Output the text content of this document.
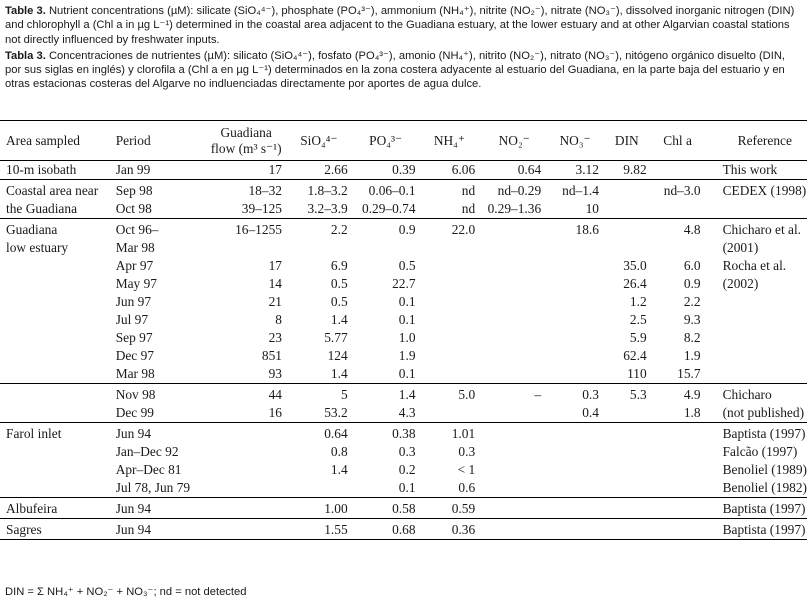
Table 3. Nutrient concentrations (µM): silicate (SiO₄⁴⁻), phosphate (PO₄³⁻), ammonium (NH₄⁺), nitrite (NO₂⁻), nitrate (NO₃⁻), dissolved inorganic nitrogen (DIN) and chlorophyll a (Chl a in µg L⁻¹) determined in the coastal area adjacent to the Guadiana estuary, at the lower estuary and at other Algarvian coastal stations not directly influenced by freshwater inputs.

Tabla 3. Concentraciones de nutrientes (µM): silicato (SiO₄⁴⁻), fosfato (PO₄³⁻), amonio (NH₄⁺), nitrito (NO₂⁻), nitrato (NO₃⁻), nitógeno orgánico disuelto (DIN, por sus siglas en inglés) y clorofila a (Chl a en µg L⁻¹) determinados en la zona costera adyacente al estuario del Guadiana, en la parte baja del estuario y en otras estacionas costeras del Algarve no indluenciadas directamente por aportes de agua dulce.

Area sampled	Period	Guadiana flow (m³ s⁻¹)	SiO₄⁴⁻	PO₄³⁻	NH₄⁺	NO₂⁻	NO₃⁻	DIN	Chl a	Reference
10-m isobath	Jan 99	17	2.66	0.39	6.06	0.64	3.12	9.82		This work
Coastal area near	Sep 98	18–32	1.8–3.2	0.06–0.1	nd	nd–0.29	nd–1.4		nd–3.0	CEDEX (1998)
the Guadiana	Oct 98	39–125	3.2–3.9	0.29–0.74	nd	0.29–1.36	10			
Guadiana	Oct 96–	16–1255	2.2	0.9	22.0		18.6		4.8	Chicharo et al.
low estuary	Mar 98									(2001)
	Apr 97	17	6.9	0.5				35.0	6.0	Rocha et al.
	May 97	14	0.5	22.7				26.4	0.9	(2002)
	Jun 97	21	0.5	0.1				1.2	2.2	
	Jul 97	8	1.4	0.1				2.5	9.3	
	Sep 97	23	5.77	1.0				5.9	8.2	
	Dec 97	851	124	1.9				62.4	1.9	
	Mar 98	93	1.4	0.1				110	15.7	
	Nov 98	44	5	1.4	5.0	–	0.3	5.3	4.9	Chicharo
	Dec 99	16	53.2	4.3			0.4		1.8	(not published)
Farol inlet	Jun 94		0.64	0.38	1.01					Baptista (1997)
	Jan–Dec 92		0.8	0.3	0.3					Falcão (1997)
	Apr–Dec 81		1.4	0.2	< 1					Benoliel (1989)
	Jul 78, Jun 79			0.1	0.6					Benoliel (1982)
Albufeira	Jun 94		1.00	0.58	0.59					Baptista (1997)
Sagres	Jun 94		1.55	0.68	0.36					Baptista (1997)
DIN = Σ NH₄⁺ + NO₂⁻ + NO₃⁻; nd = not detected
